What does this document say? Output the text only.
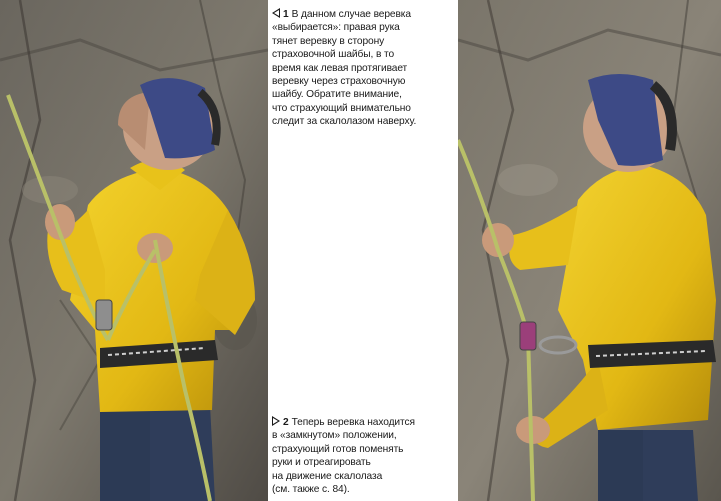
1 В данном случае веревка
«выбирается»: правая рука
тянет веревку в сторону
страховочной шайбы, в то
время как левая протягивает
веревку через страховочную
шайбу. Обратите внимание,
что страхующий внимательно
следит за скалолазом наверху.
2 Теперь веревка находится
в «замкнутом» положении,
страхующий готов поменять
руки и отреагировать
на движение скалолаза
(см. также с. 84).
